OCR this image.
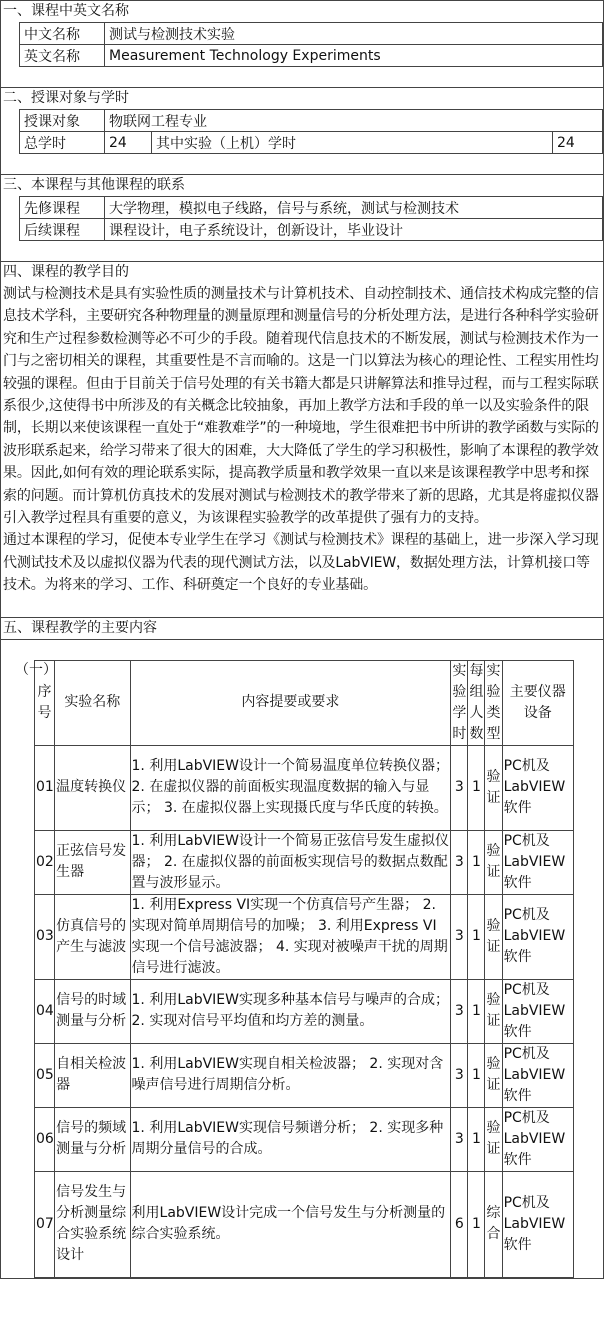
一、课程中英文名称
中文名称	测试与检测技术实验
英文名称	Measurement Technology Experiments
二、授课对象与学时
授课对象	物联网工程专业		
总学时	24	其中实验（上机）学时	24
三、本课程与其他课程的联系
先修课程	大学物理，模拟电子线路，信号与系统，测试与检测技术
后续课程	课程设计，电子系统设计，创新设计，毕业设计
四、课程的教学目的
测试与检测技术是具有实验性质的测量技术与计算机技术、自动控制技术、通信技术构成完整的信息技术学科，主要研究各种物理量的测量原理和测量信号的分析处理方法，是进行各种科学实验研究和生产过程参数检测等必不可少的手段。随着现代信息技术的不断发展，测试与检测技术作为一门与之密切相关的课程，其重要性是不言而喻的。这是一门以算法为核心的理论性、工程实用性均较强的课程。但由于目前关于信号处理的有关书籍大都是只讲解算法和推导过程，而与工程实际联系很少,这使得书中所涉及的有关概念比较抽象，再加上教学方法和手段的单一以及实验条件的限制，长期以来使该课程一直处于“难教难学”的一种境地，学生很难把书中所讲的教学函数与实际的波形联系起来，给学习带来了很大的困难，大大降低了学生的学习积极性，影响了本课程的教学效果。因此,如何有效的理论联系实际，提高教学质量和教学效果一直以来是该课程教学中思考和探索的问题。而计算机仿真技术的发展对测试与检测技术的教学带来了新的思路，尤其是将虚拟仪器引入教学过程具有重要的意义，为该课程实验教学的改革提供了强有力的支持。
通过本课程的学习，促使本专业学生在学习《测试与检测技术》课程的基础上，进一步深入学习现代测试技术及以虚拟仪器为代表的现代测试方法，以及LabVIEW，数据处理方法，计算机接口等技术。为将来的学习、工作、科研奠定一个良好的专业基础。
五、课程教学的主要内容
（一）
序号	实验名称	内容提要或要求	实验学时	每组人数	实验类型	主要仪器设备
01	温度转换仪	1. 利用LabVIEW设计一个简易温度单位转换仪器； 2. 在虚拟仪器的前面板实现温度数据的输入与显示； 3. 在虚拟仪器上实现摄氏度与华氏度的转换。	3	1	验证	PC机及LabVIEW软件
02	正弦信号发生器	1. 利用LabVIEW设计一个简易正弦信号发生虚拟仪器； 2. 在虚拟仪器的前面板实现信号的数据点数配置与波形显示。	3	1	验证	PC机及LabVIEW软件
03	仿真信号的产生与滤波	1. 利用Express VI实现一个仿真信号产生器； 2. 实现对简单周期信号的加噪； 3. 利用Express VI实现一个信号滤波器； 4. 实现对被噪声干扰的周期信号进行滤波。	3	1	验证	PC机及LabVIEW软件
04	信号的时域测量与分析	1. 利用LabVIEW实现多种基本信号与噪声的合成； 2. 实现对信号平均值和均方差的测量。	3	1	验证	PC机及LabVIEW软件
05	自相关检波器	1. 利用LabVIEW实现自相关检波器； 2. 实现对含噪声信号进行周期信分析。	3	1	验证	PC机及LabVIEW软件
06	信号的频域测量与分析	1. 利用LabVIEW实现信号频谱分析； 2. 实现多种周期分量信号的合成。	3	1	验证	PC机及LabVIEW软件
07	信号发生与分析测量综合实验系统设计	利用LabVIEW设计完成一个信号发生与分析测量的综合实验系统。	6	1	综合	PC机及LabVIEW软件
